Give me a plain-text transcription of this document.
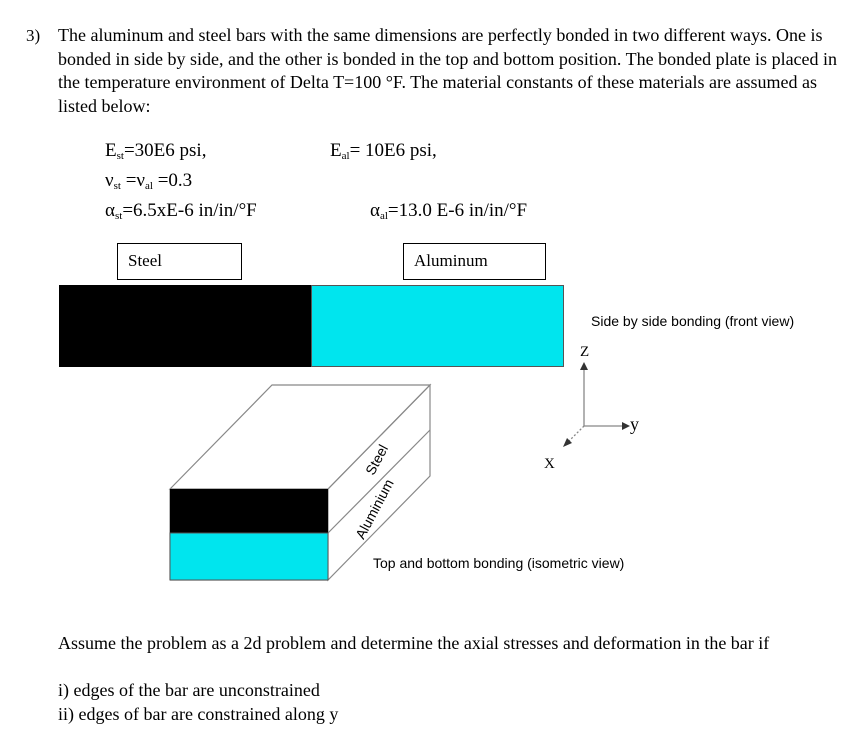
3) The aluminum and steel bars with the same dimensions are perfectly bonded in two different ways. One is bonded in side by side, and the other is bonded in the top and bottom position. The bonded plate is placed in the temperature environment of Delta T=100 °F. The material constants of these materials are assumed as listed below:
$E_{st}=30E6$ psi,	$E_{al}= 10E6$ psi,
$\nu_{st} =\nu_{al} =0.3$
$\alpha_{st}=6.5xE-6$ in/in/°F	$\alpha_{al}=13.0$ E-6 in/in/°F
Steel	Aluminum
Side by side bonding (front view)
Z
y
X
Steel
Aluminium
Top and bottom bonding (isometric view)
Assume the problem as a 2d problem and determine the axial stresses and deformation in the bar if
i) edges of the bar are unconstrained
ii) edges of bar are constrained along y
